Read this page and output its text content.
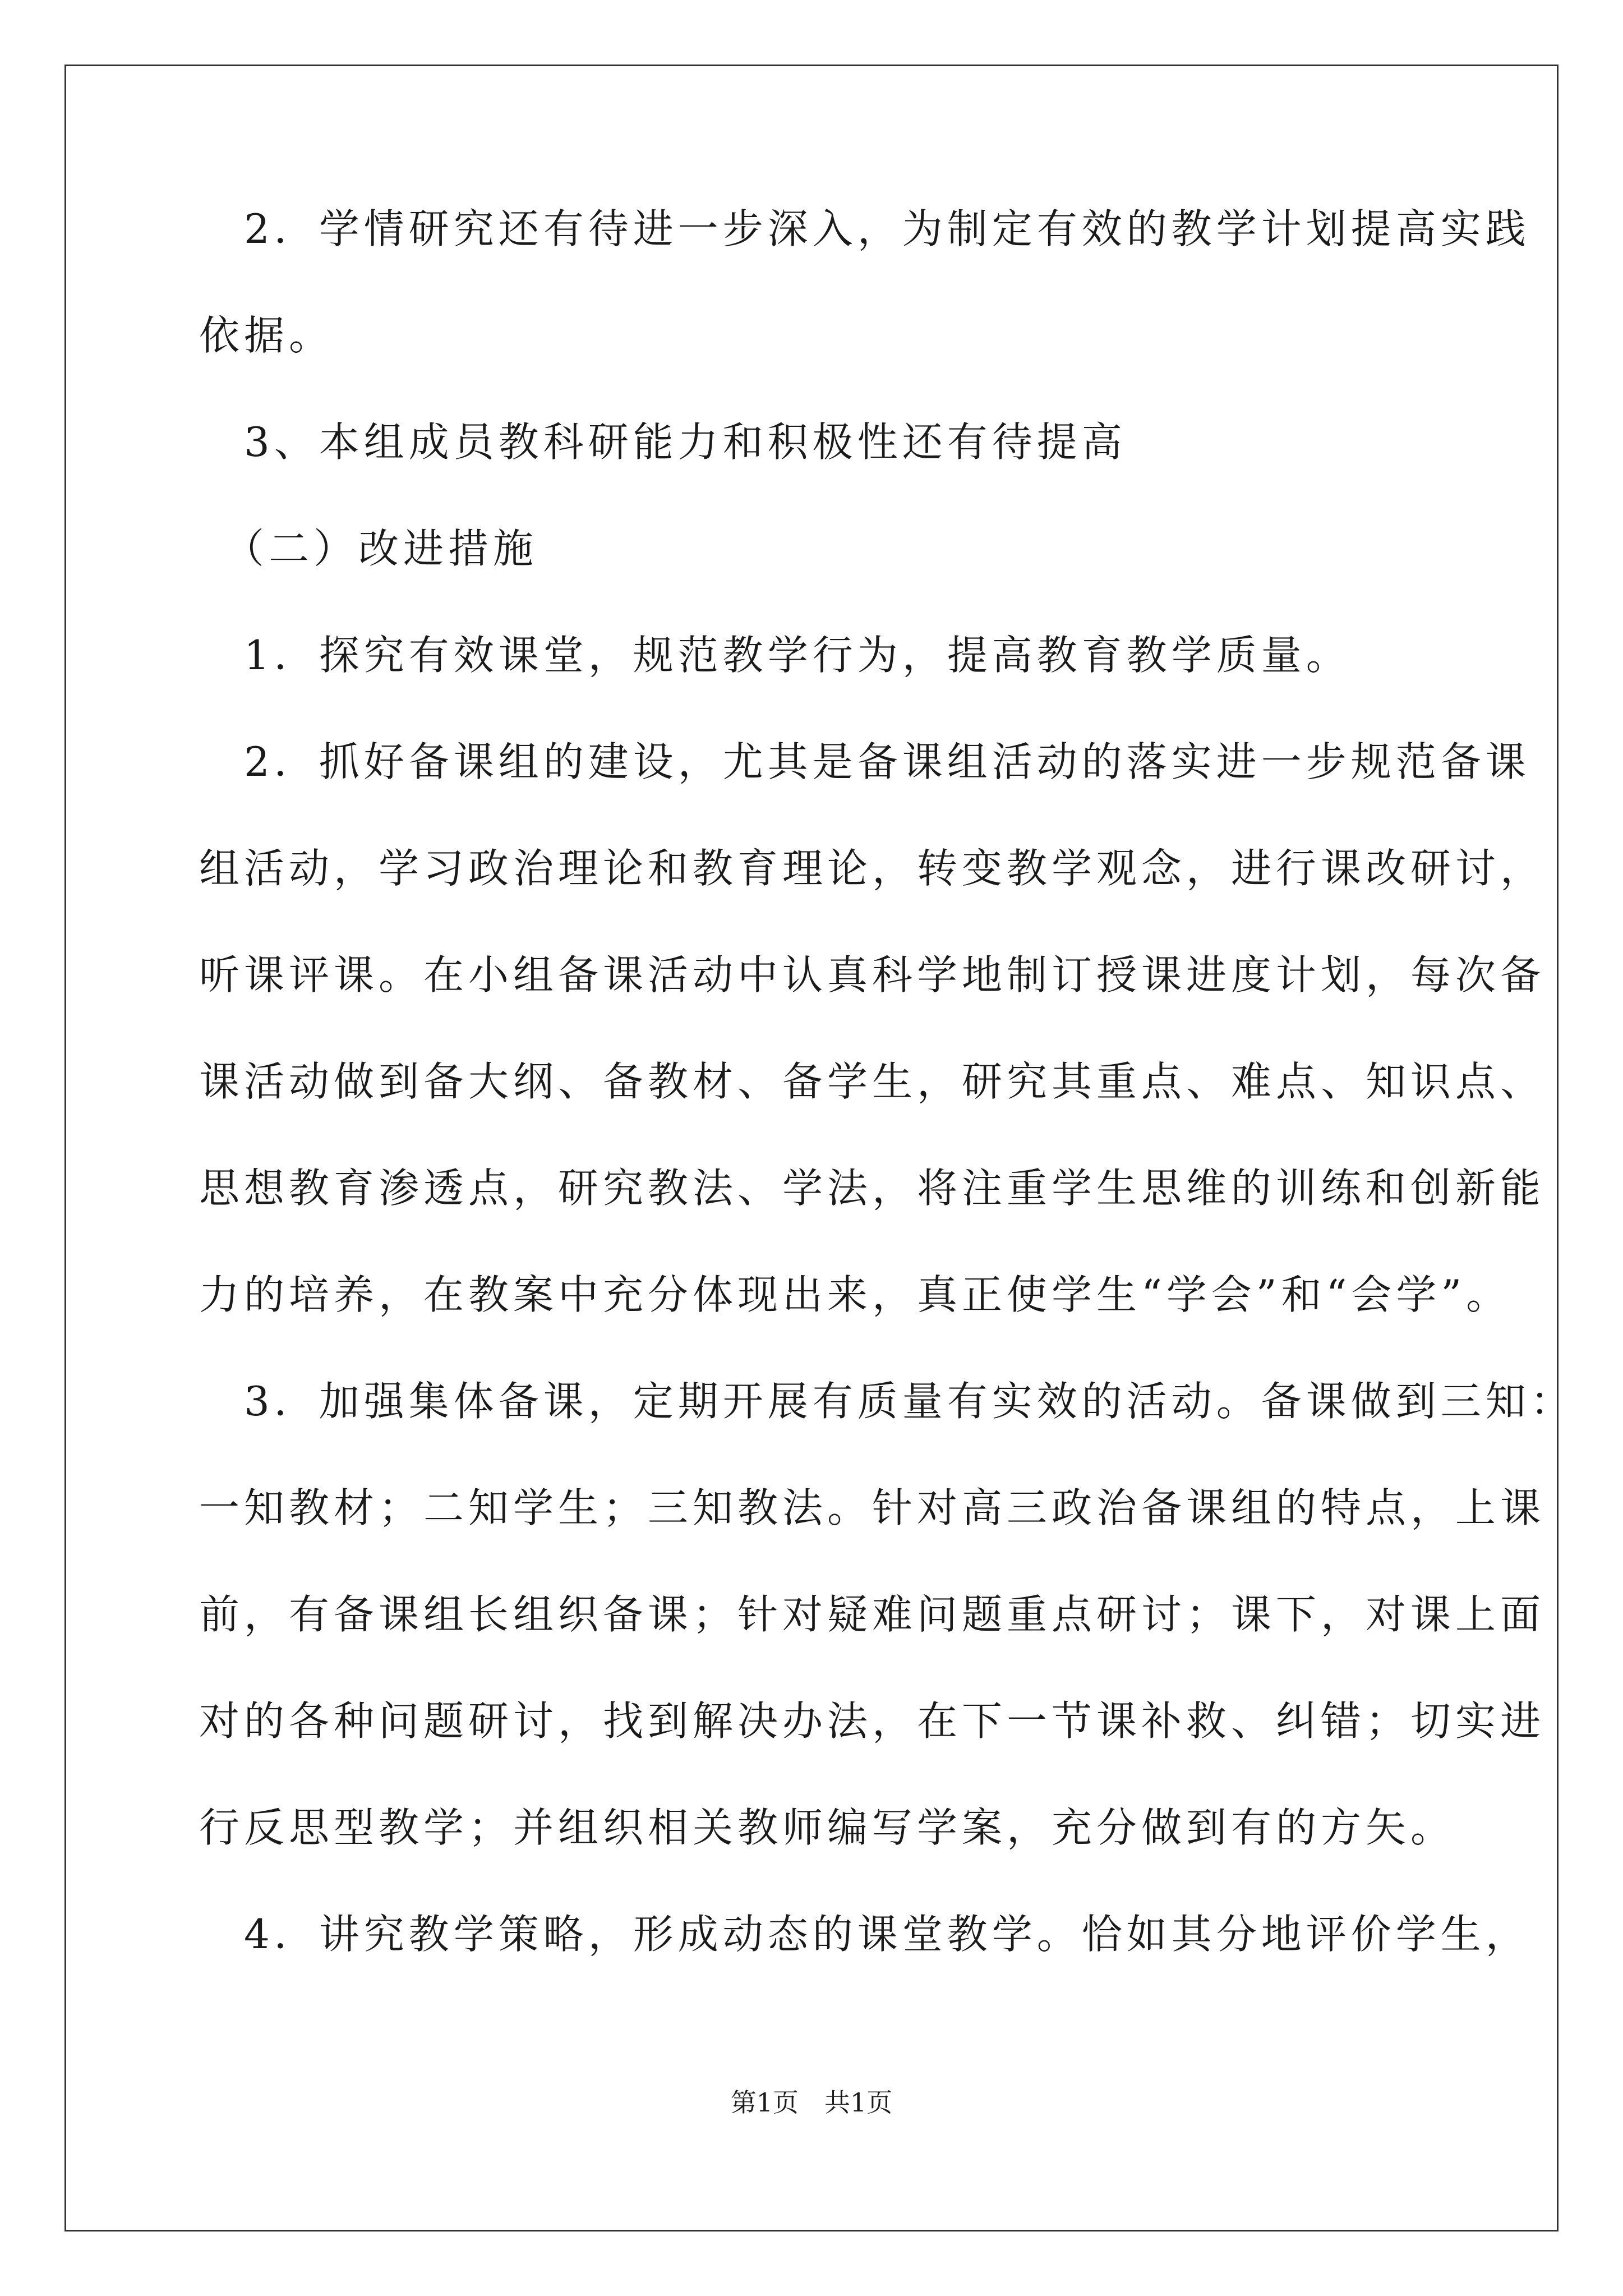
　2．学情研究还有待进一步深入，为制定有效的教学计划提高实践
依据。
　3、本组成员教科研能力和积极性还有待提高
　（二）改进措施
　1．探究有效课堂，规范教学行为，提高教育教学质量。
　2．抓好备课组的建设，尤其是备课组活动的落实进一步规范备课
组活动，学习政治理论和教育理论，转变教学观念，进行课改研讨，
听课评课。在小组备课活动中认真科学地制订授课进度计划，每次备
课活动做到备大纲、备教材、备学生，研究其重点、难点、知识点、
思想教育渗透点，研究教法、学法，将注重学生思维的训练和创新能
力的培养，在教案中充分体现出来，真正使学生“学会”和“会学”。
　3．加强集体备课，定期开展有质量有实效的活动。备课做到三知：
一知教材；二知学生；三知教法。针对高三政治备课组的特点，上课
前，有备课组长组织备课；针对疑难问题重点研讨；课下，对课上面
对的各种问题研讨，找到解决办法，在下一节课补救、纠错；切实进
行反思型教学；并组织相关教师编写学案，充分做到有的方矢。
　4．讲究教学策略，形成动态的课堂教学。恰如其分地评价学生，
第1页　共1页
